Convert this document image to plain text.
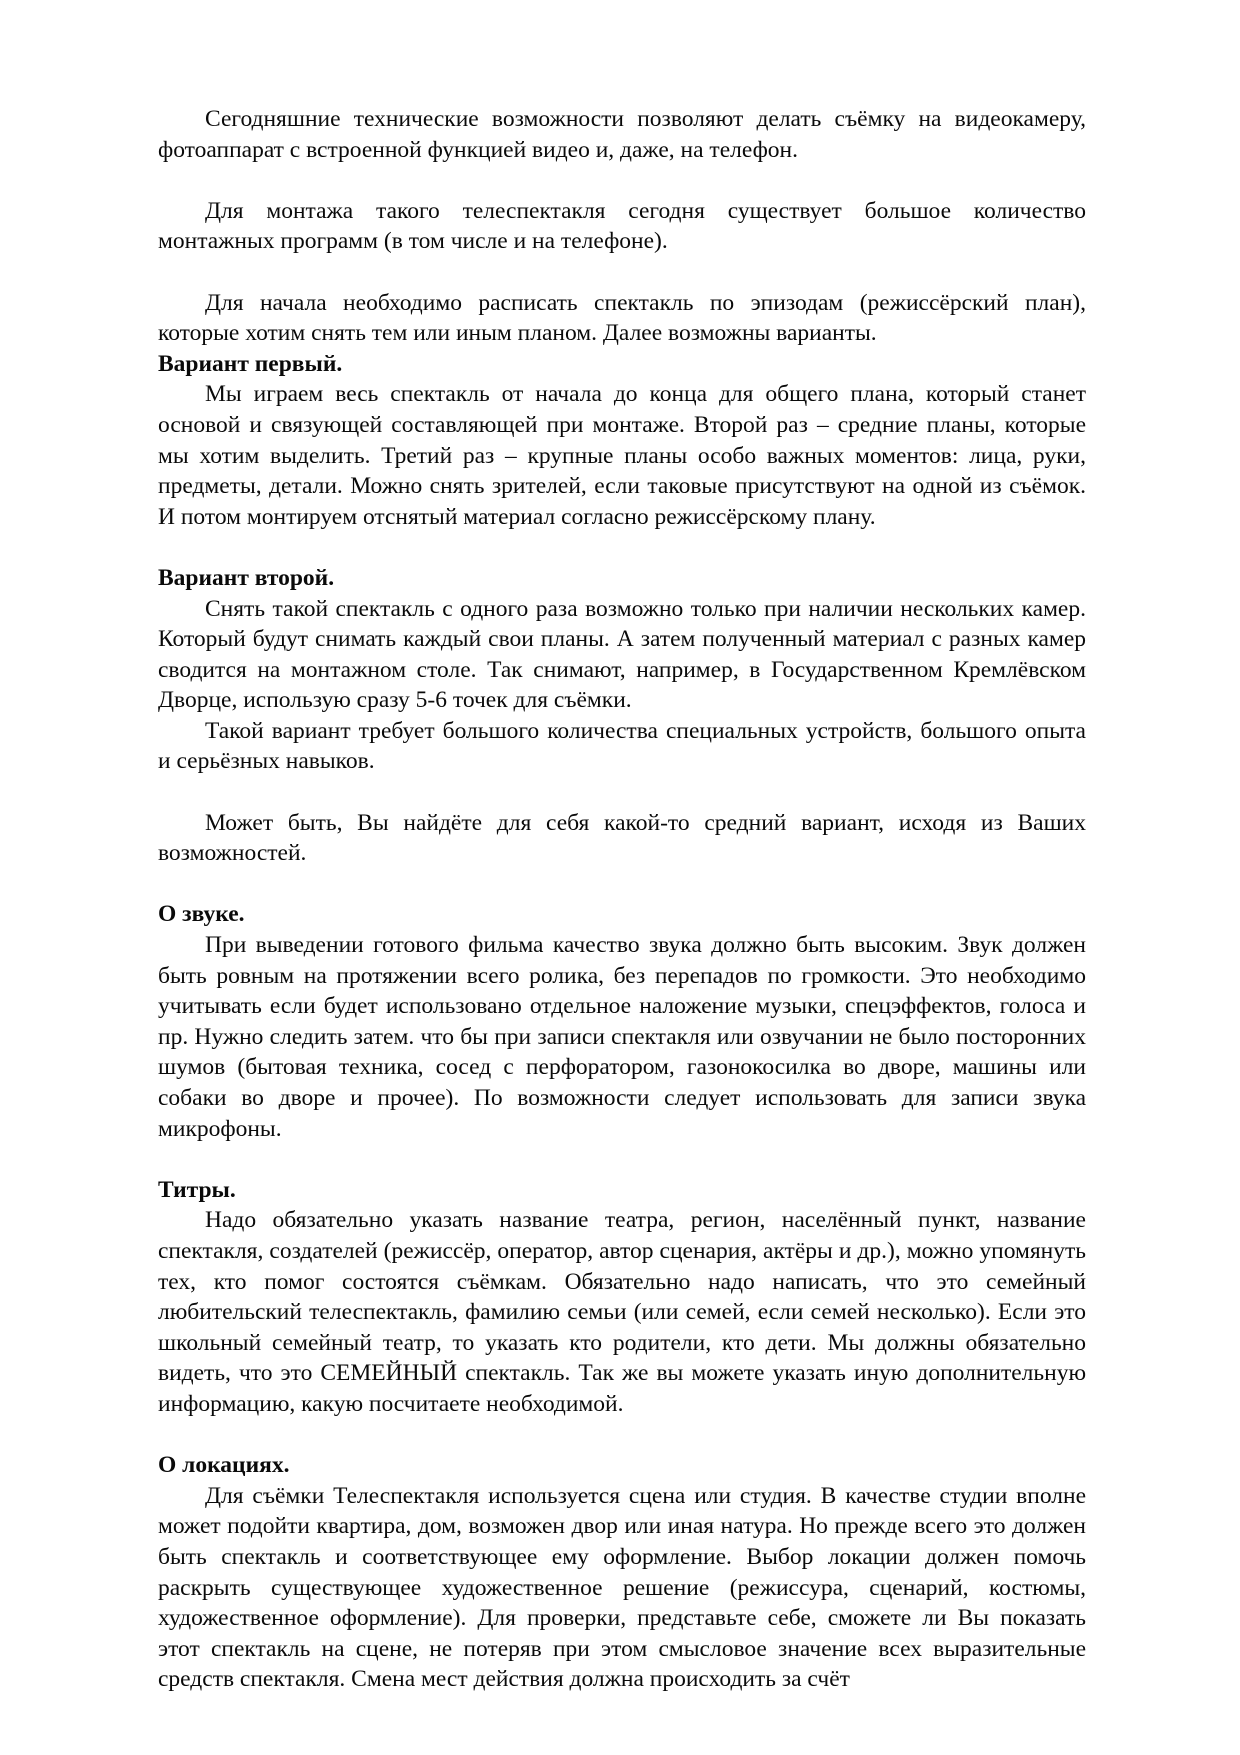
Сегодняшние технические возможности позволяют делать съёмку на видеокамеру, фотоаппарат с встроенной функцией видео и, даже, на телефон.

Для монтажа такого телеспектакля сегодня существует большое количество монтажных программ (в том числе и на телефоне).

Для начала необходимо расписать спектакль по эпизодам (режиссёрский план), которые хотим снять тем или иным планом. Далее возможны варианты.

Вариант первый.

Мы играем весь спектакль от начала до конца для общего плана, который станет основой и связующей составляющей при монтаже. Второй раз – средние планы, которые мы хотим выделить. Третий раз – крупные планы особо важных моментов: лица, руки, предметы, детали. Можно снять зрителей, если таковые присутствуют на одной из съёмок. И потом монтируем отснятый материал согласно режиссёрскому плану.

Вариант второй.

Снять такой спектакль с одного раза возможно только при наличии нескольких камер. Который будут снимать каждый свои планы. А затем полученный материал с разных камер сводится на монтажном столе. Так снимают, например, в Государственном Кремлёвском Дворце, использую сразу 5-6 точек для съёмки.

Такой вариант требует большого количества специальных устройств, большого опыта и серьёзных навыков.

Может быть, Вы найдёте для себя какой-то средний вариант, исходя из Ваших возможностей.

О звуке.

При выведении готового фильма качество звука должно быть высоким. Звук должен быть ровным на протяжении всего ролика, без перепадов по громкости. Это необходимо учитывать если будет использовано отдельное наложение музыки, спецэффектов, голоса и пр. Нужно следить затем. что бы при записи спектакля или озвучании не было посторонних шумов (бытовая техника, сосед с перфоратором, газонокосилка во дворе, машины или собаки во дворе и прочее). По возможности следует использовать для записи звука микрофоны.

Титры.

Надо обязательно указать название театра, регион, населённый пункт, название спектакля, создателей (режиссёр, оператор, автор сценария, актёры и др.), можно упомянуть тех, кто помог состоятся съёмкам. Обязательно надо написать, что это семейный любительский телеспектакль, фамилию семьи (или семей, если семей несколько). Если это школьный семейный театр, то указать кто родители, кто дети. Мы должны обязательно видеть, что это СЕМЕЙНЫЙ спектакль. Так же вы можете указать иную дополнительную информацию, какую посчитаете необходимой.

О локациях.

Для съёмки Телеспектакля используется сцена или студия. В качестве студии вполне может подойти квартира, дом, возможен двор или иная натура. Но прежде всего это должен быть спектакль и соответствующее ему оформление. Выбор локации должен помочь раскрыть существующее художественное решение (режиссура, сценарий, костюмы, художественное оформление). Для проверки, представьте себе, сможете ли Вы показать этот спектакль на сцене, не потеряв при этом смысловое значение всех выразительные средств спектакля. Смена мест действия должна происходить за счёт
